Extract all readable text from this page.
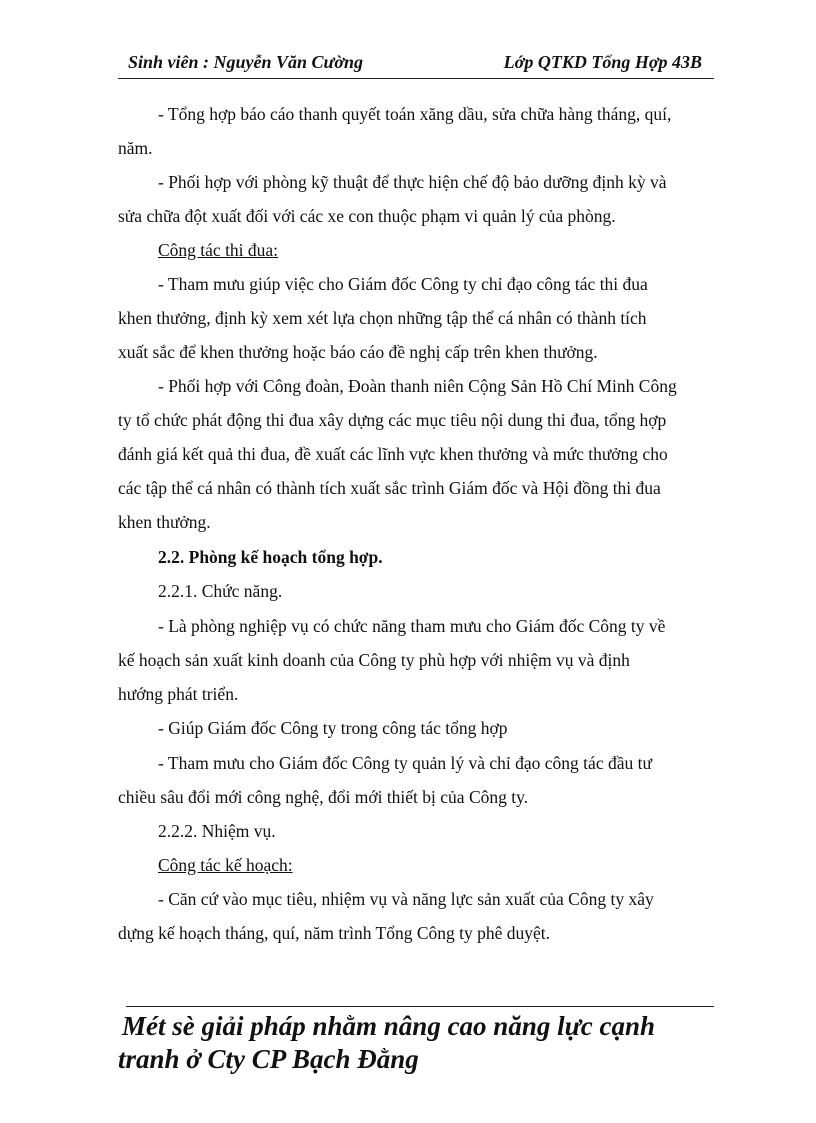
Sinh viên : Nguyễn Văn Cường	Lớp QTKD Tổng Hợp 43B
- Tổng hợp báo cáo thanh quyết toán xăng dầu, sửa chữa hàng tháng, quí,
năm.
- Phối hợp với phòng kỹ thuật để thực hiện chế độ bảo dưỡng định kỳ và
sửa chữa đột xuất đối với các xe con thuộc phạm vi quản lý của phòng.
Công tác thi đua:
- Tham mưu giúp việc cho Giám đốc Công ty chỉ đạo công tác thi đua
khen thưởng, định kỳ xem xét lựa chọn những tập thể cá nhân có thành tích
xuất sắc để khen thưởng hoặc báo cáo đề nghị cấp trên khen thưởng.
- Phối hợp với Công đoàn, Đoàn thanh niên Cộng Sản Hồ Chí Minh Công
ty tổ chức phát động thi đua xây dựng các mục tiêu nội dung thi đua, tổng hợp
đánh giá kết quả thi đua, đề xuất các lĩnh vực khen thưởng và mức thưởng cho
các tập thể cá nhân có thành tích xuất sắc trình Giám đốc và Hội đồng thi đua
khen thưởng.
2.2. Phòng kế hoạch tổng hợp.
2.2.1. Chức năng.
- Là phòng nghiệp vụ có chức năng tham mưu cho Giám đốc Công ty về
kế hoạch sản xuất kinh doanh của Công ty phù hợp với nhiệm vụ và định
hướng phát triển.
- Giúp Giám đốc Công ty trong công tác tổng hợp
- Tham mưu cho Giám đốc Công ty quản lý và chỉ đạo công tác đầu tư
chiều sâu đổi mới công nghệ, đổi mới thiết bị của Công ty.
2.2.2. Nhiệm vụ.
Công tác kế hoạch:
- Căn cứ vào mục tiêu, nhiệm vụ và năng lực sản xuất của Công ty xây
dựng kế hoạch tháng, quí, năm trình Tổng Công ty phê duyệt.
Mét sè giải pháp nhằm nâng cao năng lực cạnh
tranh ở Cty CP Bạch Đằng
